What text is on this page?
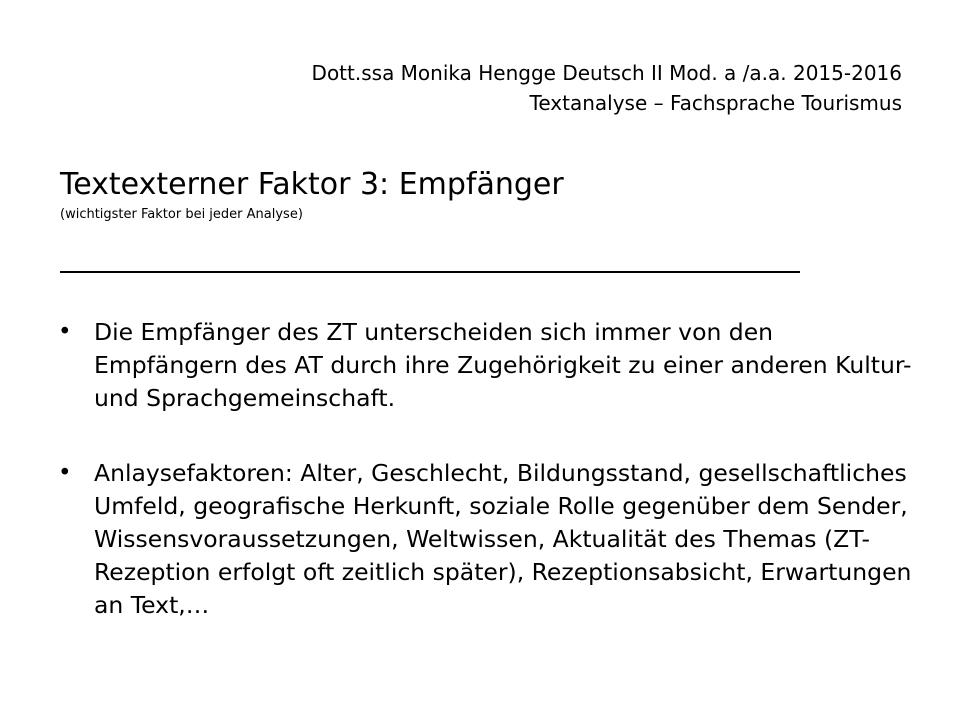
Dott.ssa Monika Hengge Deutsch II Mod. a /a.a. 2015-2016
Textanalyse – Fachsprache Tourismus
Textexterner Faktor 3: Empfänger
(wichtigster Faktor bei jeder Analyse)
• Die Empfänger des ZT unterscheiden sich immer von den Empfängern des AT durch ihre Zugehörigkeit zu einer anderen Kultur- und Sprachgemeinschaft.
• Anlaysefaktoren: Alter, Geschlecht, Bildungsstand, gesellschaftliches Umfeld, geografische Herkunft, soziale Rolle gegenüber dem Sender, Wissensvoraussetzungen, Weltwissen, Aktualität des Themas (ZT-Rezeption erfolgt oft zeitlich später), Rezeptionsabsicht, Erwartungen an Text,…
